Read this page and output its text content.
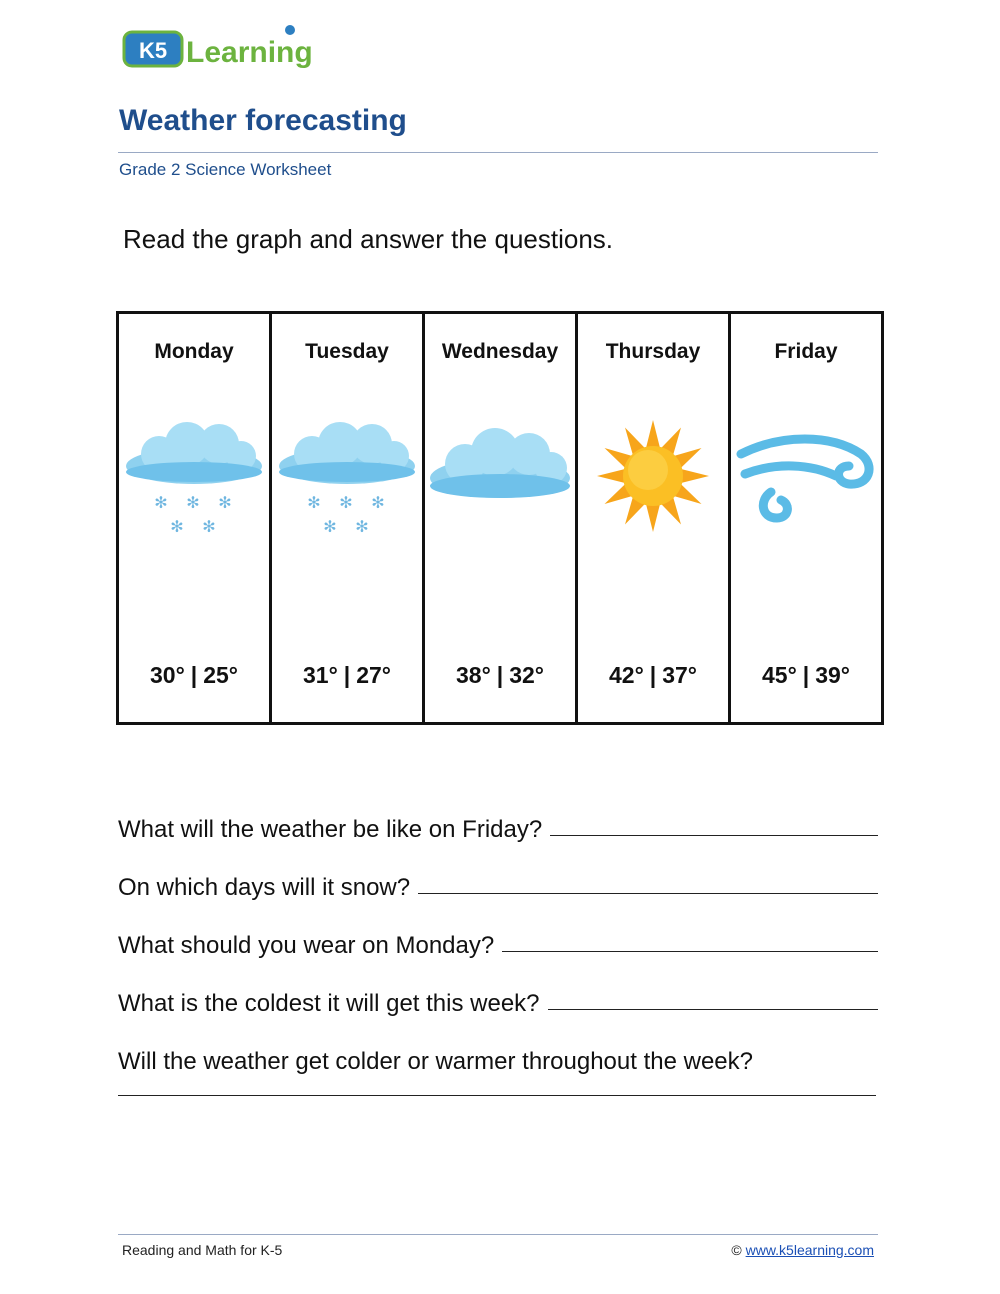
K5 Learning
Weather forecasting
Grade 2 Science Worksheet
Read the graph and answer the questions.
Monday
✻ ✻ ✻
✻ ✻
30° | 25°
Tuesday
✻ ✻ ✻
✻ ✻
31° | 27°
Wednesday
38° | 32°
Thursday
42° | 37°
Friday
45° | 39°
What will the weather be like on Friday?
On which days will it snow?
What should you wear on Monday?
What is the coldest it will get this week?
Will the weather get colder or warmer throughout the week?
Reading and Math for K-5	© www.k5learning.com
